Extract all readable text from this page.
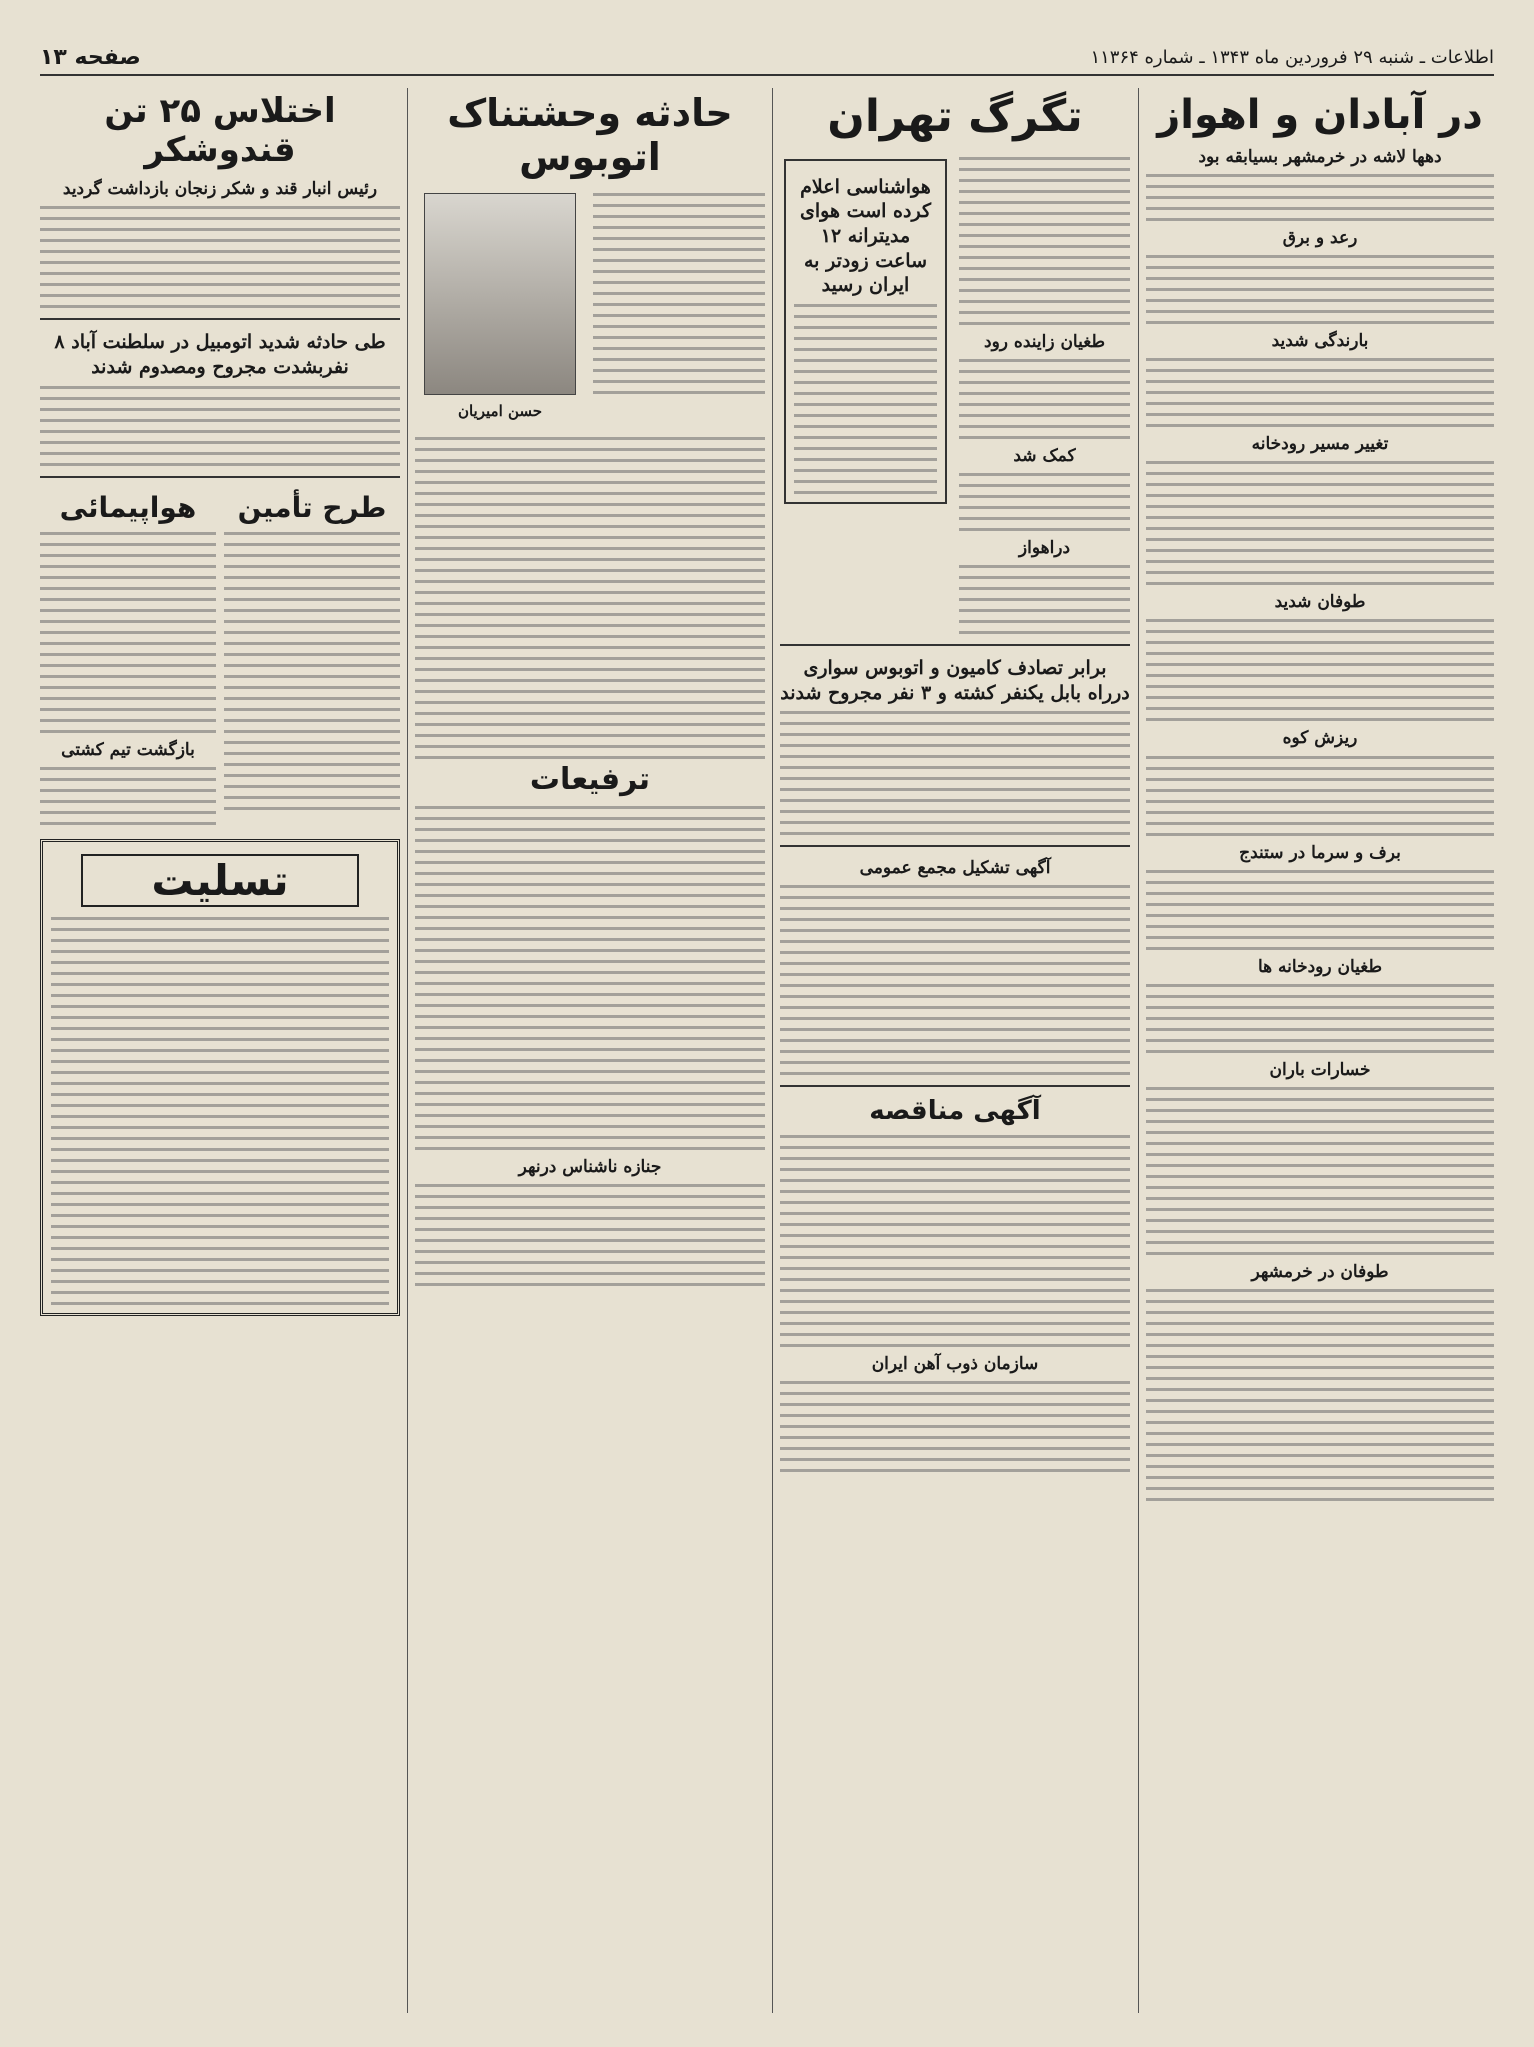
اطلاعات ـ شنبه ۲۹ فروردین ماه ۱۳۴۳ ـ شماره ۱۱۳۶۴
صفحه ۱۳
در آبادان و اهواز
دهها لاشه در خرمشهر بسیابقه بود
رعد و برق
بارندگی شدید
تغییر مسیر رودخانه
طوفان شدید
ریزش کوه
برف و سرما در ستندج
طغیان رودخانه ها
خسارات باران
طوفان در خرمشهر
تگرگ تهران
طغیان زاینده رود
کمک شد
دراهواز
هواشناسی اعلام کرده است هوای مدیترانه ۱۲ ساعت زودتر به ایران رسید
برابر تصادف کامیون و اتوبوس سواری درراه بابل یکنفر کشته و ۳ نفر مجروح شدند
آگهی تشکیل مجمع عمومی
آگهی مناقصه
سازمان ذوب آهن ایران
حادثه وحشتناک اتوبوس
حسن امیریان
ترفیعات
جنازه ناشناس درنهر
اختلاس ۲۵ تن قندوشکر
رئیس انبار قند و شکر زنجان بازداشت گردید
طی حادثه شدید اتومبیل در سلطنت آباد ۸ نفربشدت مجروح ومصدوم شدند
طرح تأمین
هواپیمائی
بازگشت تیم کشتی
تسلیت
